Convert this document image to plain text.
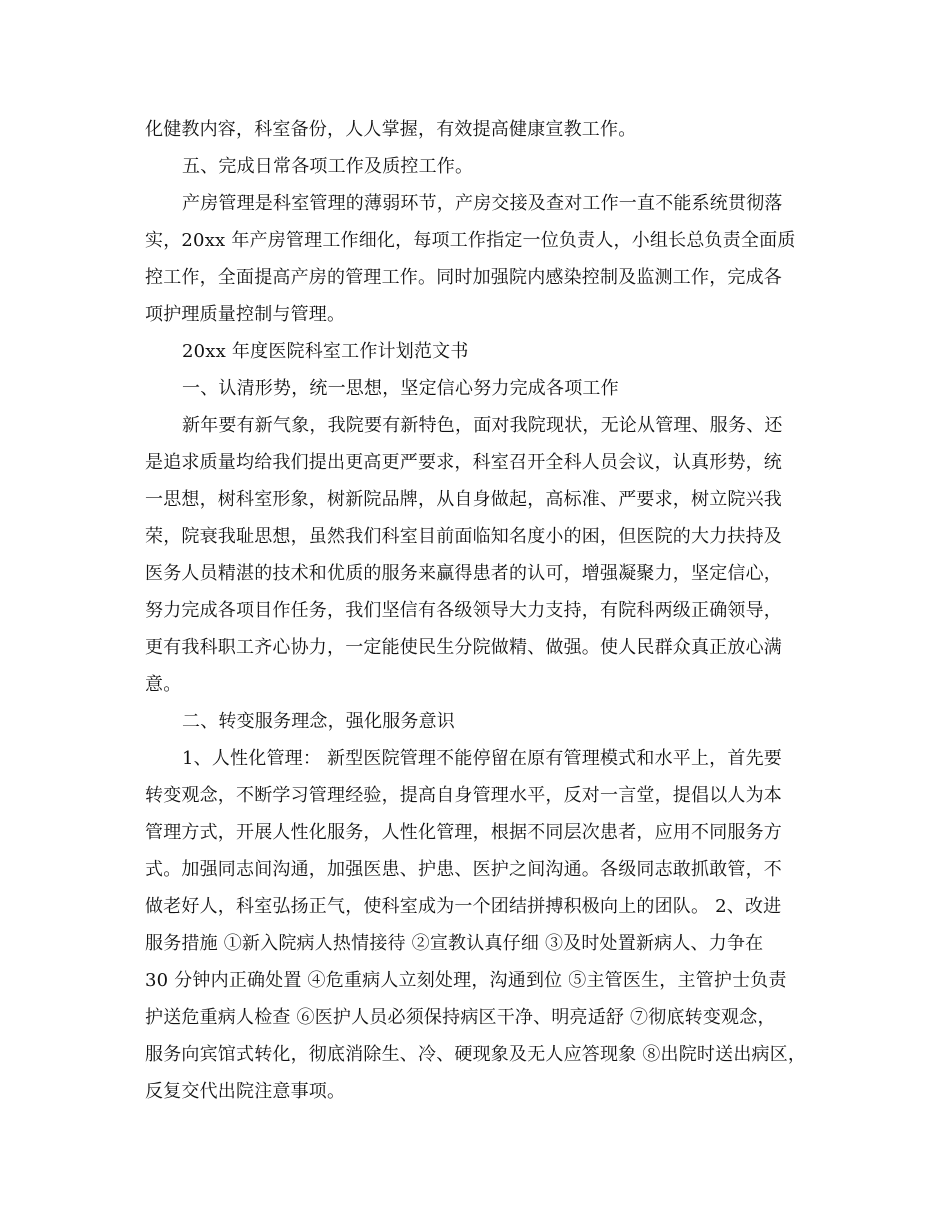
化健教内容，科室备份，人人掌握，有效提高健康宣教工作。
五、完成日常各项工作及质控工作。
产房管理是科室管理的薄弱环节，产房交接及查对工作一直不能系统贯彻落
实，20xx 年产房管理工作细化，每项工作指定一位负责人，小组长总负责全面质
控工作，全面提高产房的管理工作。同时加强院内感染控制及监测工作，完成各
项护理质量控制与管理。
20xx 年度医院科室工作计划范文书
一、认清形势，统一思想，坚定信心努力完成各项工作
新年要有新气象，我院要有新特色，面对我院现状，无论从管理、服务、还
是追求质量均给我们提出更高更严要求，科室召开全科人员会议，认真形势，统
一思想，树科室形象，树新院品牌，从自身做起，高标准、严要求，树立院兴我
荣，院衰我耻思想，虽然我们科室目前面临知名度小的困，但医院的大力扶持及
医务人员精湛的技术和优质的服务来赢得患者的认可，增强凝聚力，坚定信心，
努力完成各项目作任务，我们坚信有各级领导大力支持，有院科两级正确领导，
更有我科职工齐心协力，一定能使民生分院做精、做强。使人民群众真正放心满
意。
二、转变服务理念，强化服务意识
1、人性化管理： 新型医院管理不能停留在原有管理模式和水平上，首先要
转变观念，不断学习管理经验，提高自身管理水平，反对一言堂，提倡以人为本
管理方式，开展人性化服务，人性化管理，根据不同层次患者，应用不同服务方
式。加强同志间沟通，加强医患、护患、医护之间沟通。各级同志敢抓敢管，不
做老好人，科室弘扬正气，使科室成为一个团结拼搏积极向上的团队。 2、改进
服务措施 ①新入院病人热情接待 ②宣教认真仔细 ③及时处置新病人、力争在
30 分钟内正确处置 ④危重病人立刻处理，沟通到位 ⑤主管医生，主管护士负责
护送危重病人检查 ⑥医护人员必须保持病区干净、明亮适舒 ⑦彻底转变观念，
服务向宾馆式转化，彻底消除生、冷、硬现象及无人应答现象 ⑧出院时送出病区，
反复交代出院注意事项。
